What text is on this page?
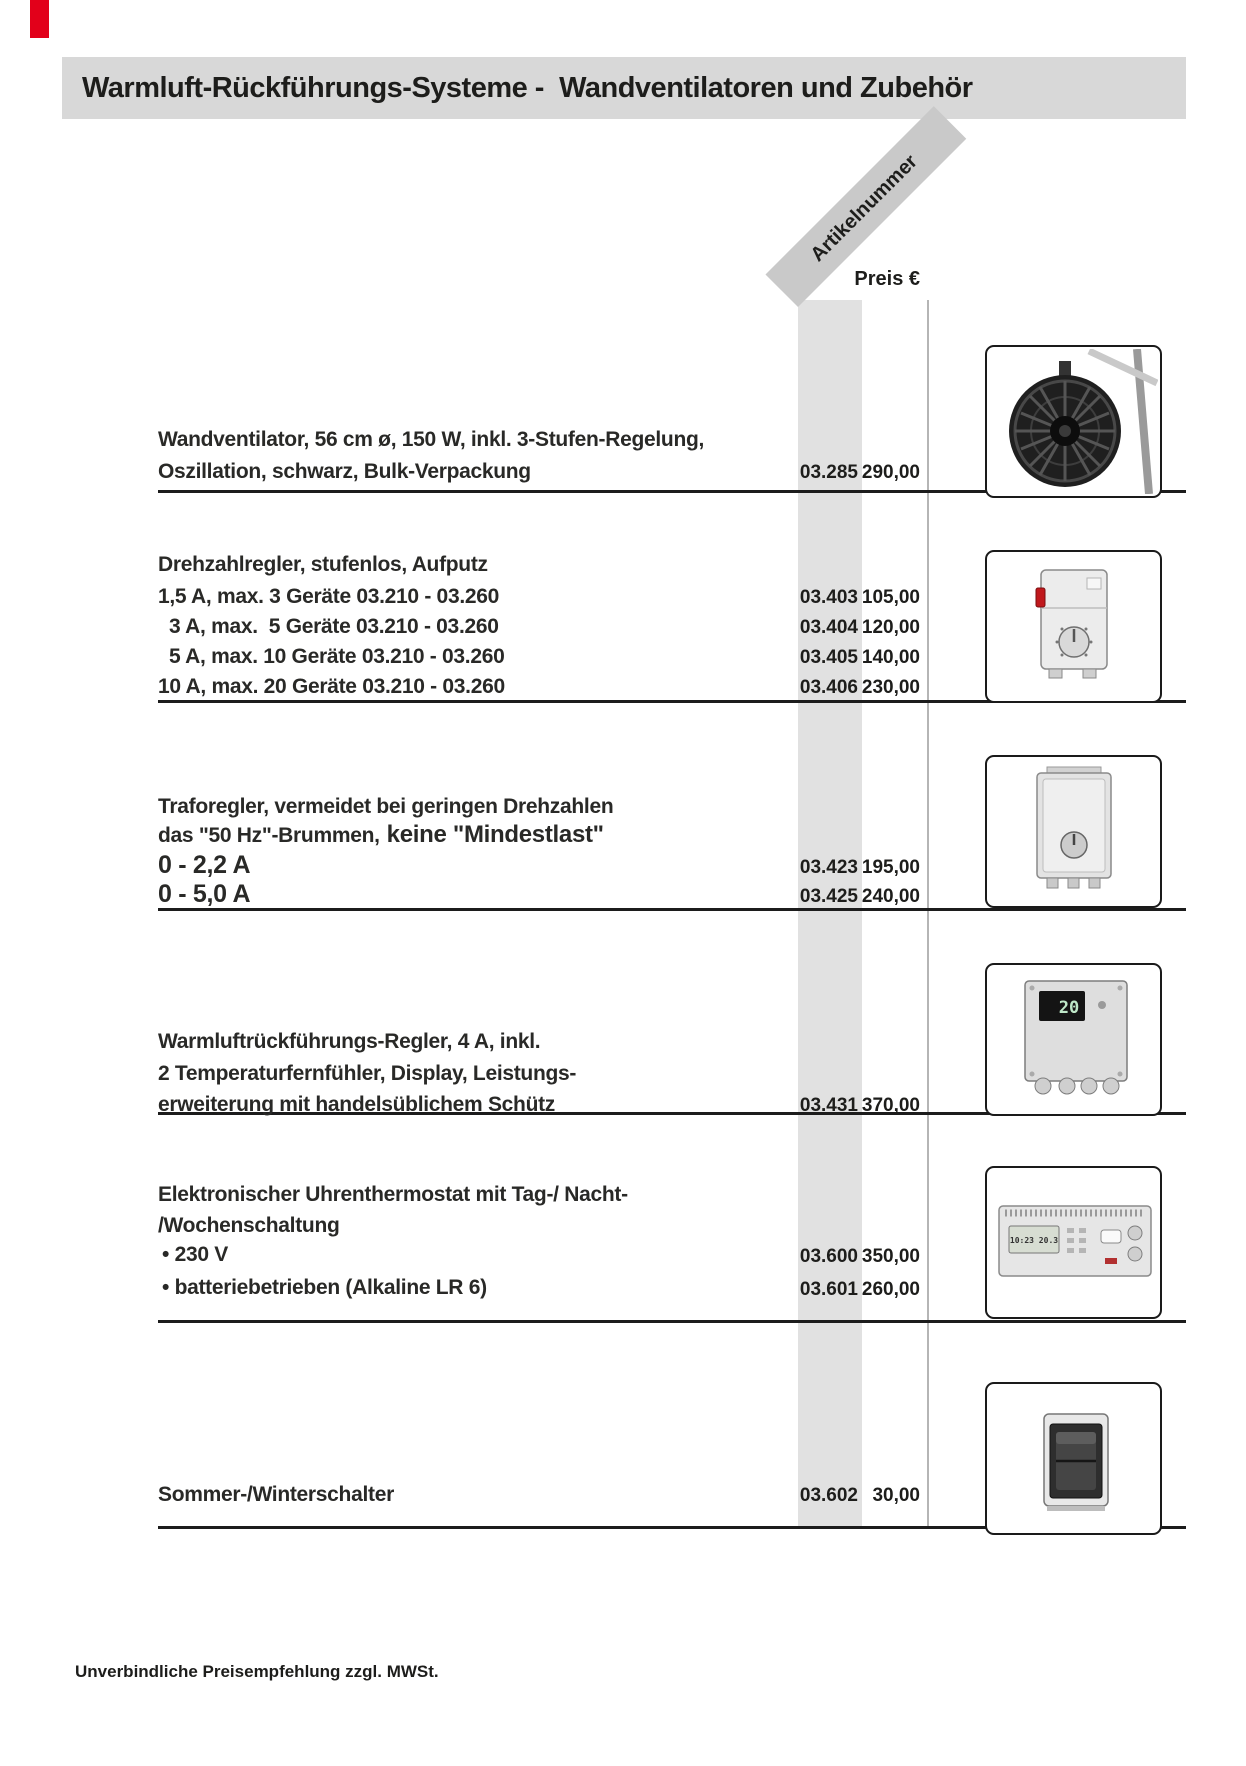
Warmluft-Rückführungs-Systeme -  Wandventilatoren und Zubehör
Artikelnummer
Preis €
Wandventilator, 56 cm ø, 150 W, inkl. 3-Stufen-Regelung,
Oszillation, schwarz, Bulk-Verpackung	03.285 290,00
Drehzahlregler, stufenlos, Aufputz
1,5 A, max. 3 Geräte 03.210 - 03.260	03.403 105,00
3 A, max.  5 Geräte 03.210 - 03.260	03.404 120,00
5 A, max. 10 Geräte 03.210 - 03.260	03.405 140,00
10 A, max. 20 Geräte 03.210 - 03.260	03.406 230,00
Traforegler, vermeidet bei geringen Drehzahlen
das "50 Hz"-Brummen, keine "Mindestlast"
0 - 2,2 A	03.423 195,00
0 - 5,0 A	03.425 240,00
Warmluftrückführungs-Regler, 4 A, inkl.
2 Temperaturfernfühler, Display, Leistungs-
erweiterung mit handelsüblichem Schütz	03.431 370,00
Elektronischer Uhrenthermostat mit Tag-/ Nacht-
/Wochenschaltung
• 230 V	03.600 350,00
• batteriebetrieben (Alkaline LR 6)	03.601 260,00
Sommer-/Winterschalter	03.602 30,00
20
10:23 20.3
Unverbindliche Preisempfehlung zzgl. MWSt.
